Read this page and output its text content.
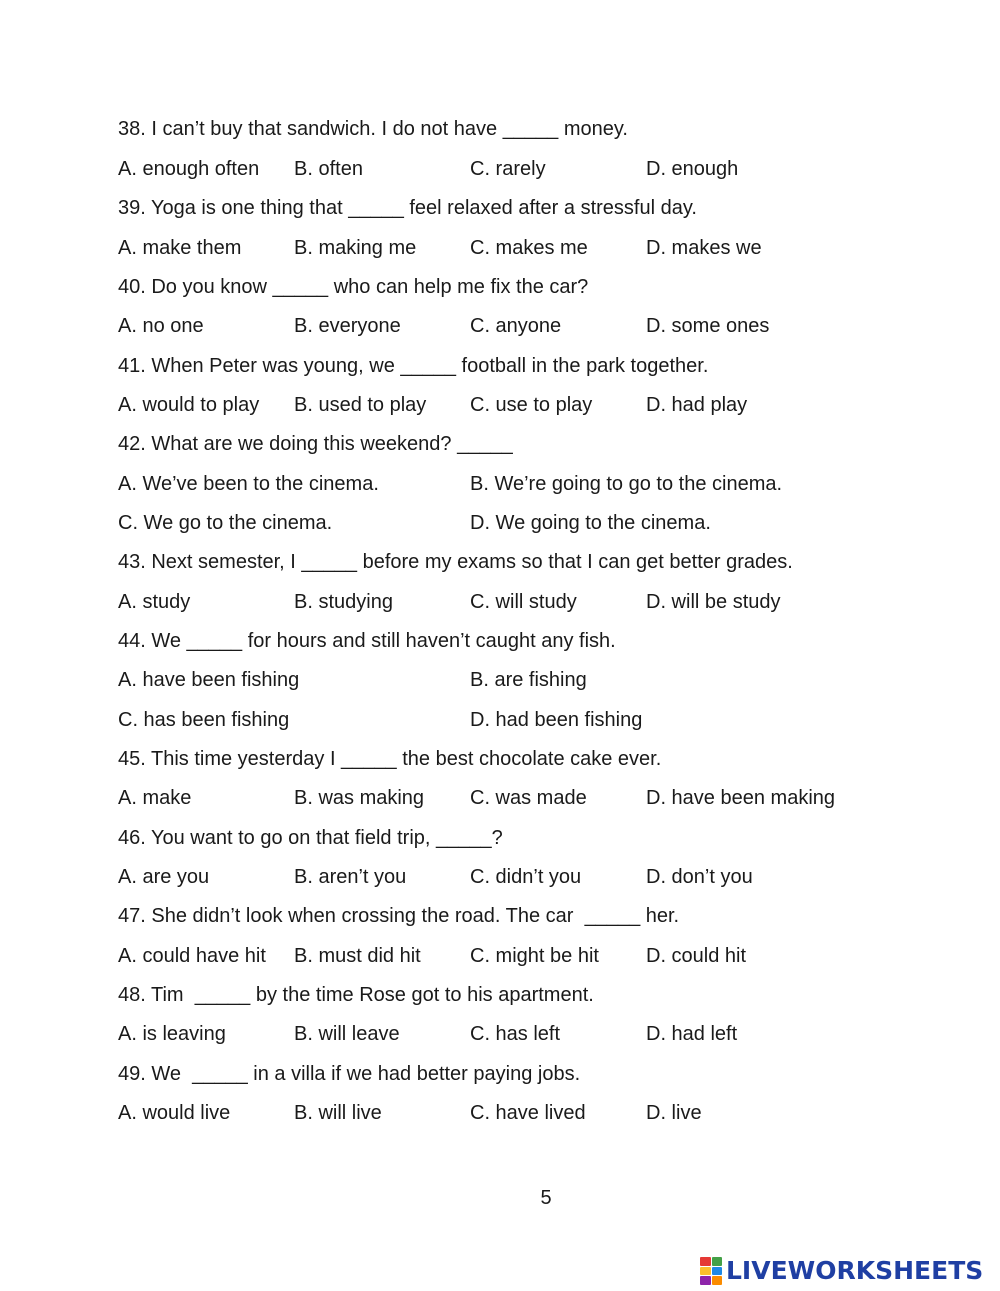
38. I can’t buy that sandwich. I do not have _____ money.
A. enough often B. often	C. rarely	D. enough
39. Yoga is one thing that _____ feel relaxed after a stressful day.
A. make them	B. making me	C. makes me	D. makes we
40. Do you know _____ who can help me fix the car?
A. no one	B. everyone	C. anyone	D. some ones
41. When Peter was young, we _____ football in the park together.
A. would to play B. used to play C. use to play	D. had play
42. What are we doing this weekend? _____
A. We’ve been to the cinema.	B. We’re going to go to the cinema.
C. We go to the cinema.	D. We going to the cinema.
43. Next semester, I _____ before my exams so that I can get better grades.
A. study	B. studying	C. will study	D. will be study
44. We _____ for hours and still haven’t caught any fish.
A. have been fishing	B. are fishing
C. has been fishing	D. had been fishing
45. This time yesterday I _____ the best chocolate cake ever.
A. make	B. was making C. was made	D. have been making
46. You want to go on that field trip, _____?
A. are you	B. aren’t you	C. didn’t you	D. don’t you
47. She didn’t look when crossing the road. The car  _____ her.
A. could have hit B. must did hit C. might be hit D. could hit
48. Tim  _____ by the time Rose got to his apartment.
A. is leaving	B. will leave	C. has left	D. had left
49. We  _____ in a villa if we had better paying jobs.
A. would live	B. will live	C. have lived	D. live
5
LIVEWORKSHEETS
